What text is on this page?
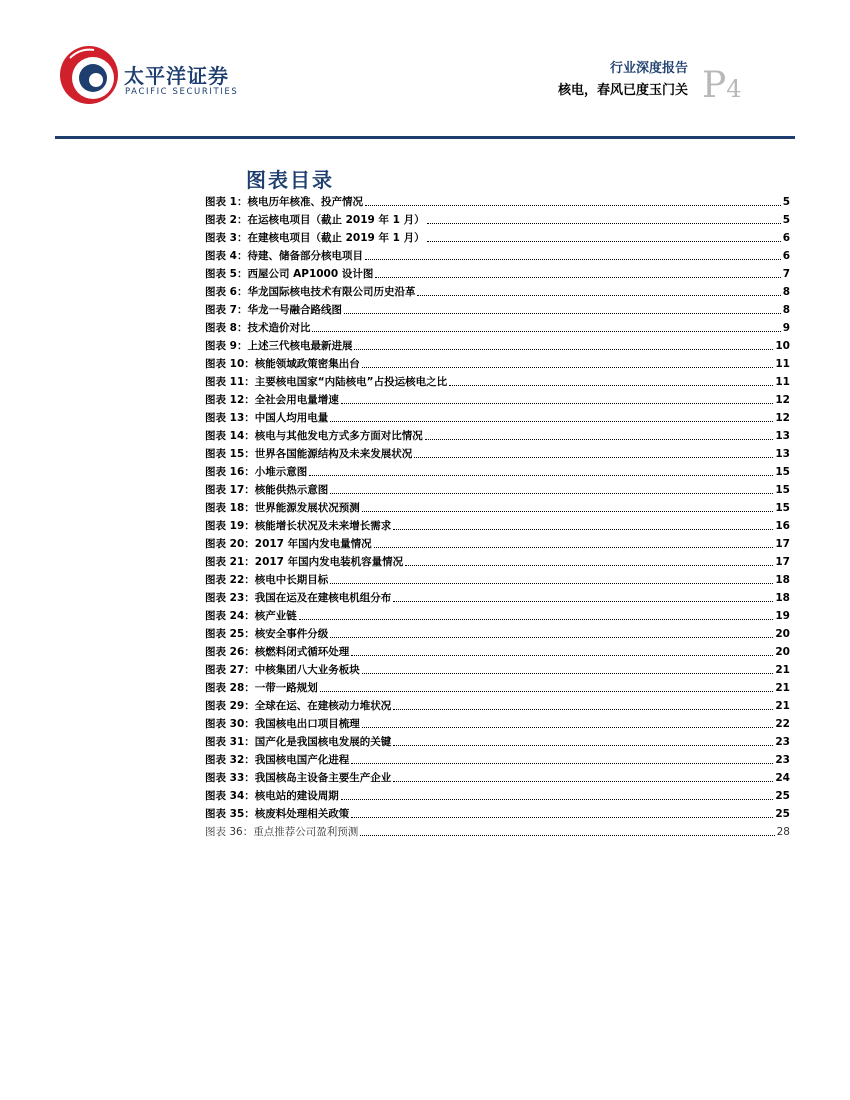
太平洋证券
PACIFIC SECURITIES
行业深度报告
核电，春风已度玉门关 P4
图表目录
图表 1：核电历年核准、投产情况	5
图表 2：在运核电项目（截止 2019 年 1 月）	5
图表 3：在建核电项目（截止 2019 年 1 月）	6
图表 4：待建、储备部分核电项目	6
图表 5：西屋公司 AP1000 设计图	7
图表 6：华龙国际核电技术有限公司历史沿革	8
图表 7：华龙一号融合路线图	8
图表 8：技术造价对比	9
图表 9：上述三代核电最新进展	10
图表 10：核能领域政策密集出台	11
图表 11：主要核电国家“内陆核电”占投运核电之比	11
图表 12：全社会用电量增速	12
图表 13：中国人均用电量	12
图表 14：核电与其他发电方式多方面对比情况	13
图表 15：世界各国能源结构及未来发展状况	13
图表 16：小堆示意图	15
图表 17：核能供热示意图	15
图表 18：世界能源发展状况预测	15
图表 19：核能增长状况及未来增长需求	16
图表 20：2017 年国内发电量情况	17
图表 21：2017 年国内发电装机容量情况	17
图表 22：核电中长期目标	18
图表 23：我国在运及在建核电机组分布	18
图表 24：核产业链	19
图表 25：核安全事件分级	20
图表 26：核燃料闭式循环处理	20
图表 27：中核集团八大业务板块	21
图表 28：一带一路规划	21
图表 29：全球在运、在建核动力堆状况	21
图表 30：我国核电出口项目梳理	22
图表 31：国产化是我国核电发展的关键	23
图表 32：我国核电国产化进程	23
图表 33：我国核岛主设备主要生产企业	24
图表 34：核电站的建设周期	25
图表 35：核废料处理相关政策	25
图表 36：重点推荐公司盈利预测	28
